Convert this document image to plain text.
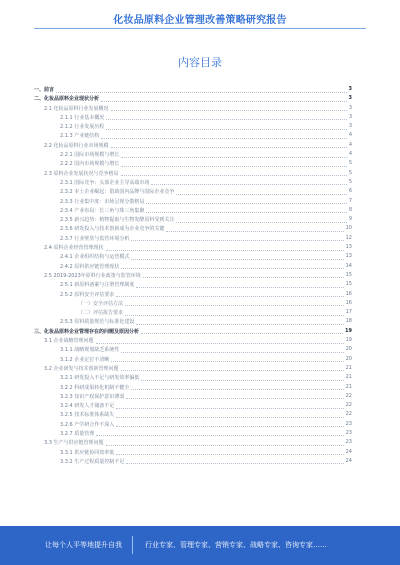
化妆品原料企业管理改善策略研究报告
内容目录
一、前言	3
二、化妆品原料企业现状分析	3
2.1 化妆品原料行业发展概况	3
2.1.1 行业基本概况	3
2.1.2 行业发展历程	3
2.1.3 产业链结构	4
2.2 化妆品原料行业市场规模	4
2.2.1 国际市场规模与增长	4
2.2.2 国内市场规模与增长	5
2.3 原料企业发展状况与竞争格局	5
2.3.1 国际竞争：头部企业主导高端市场	5
2.3.2 本土企业崛起：借助国内品牌与国际企业竞争	6
2.3.3 行业集中度：市场呈现分散格局	7
2.3.4 产业布局：长三角与珠三角集聚	8
2.3.5 新兴趋势：植物提取与生物发酵原料受到关注	9
2.3.6 研发投入与技术创新成为企业竞争的关键	10
2.3.7 行业壁垒与监管环境分析	12
2.4 原料企业经营管理现状	13
2.4.1 企业组织结构与运营模式	13
2.4.2 原料供应链管理现状	14
2.5 2019-2023年原料行业政策与监管环境	15
2.5.1 新原料备案与注册管理制度	15
2.5.2 原料安全评估要求	16
（一）安全评估方法	16
（二）评估报告要求	17
2.5.3 原料质量规范与标准化建设	18
三、化妆品原料企业管理存在的问题及原因分析	19
3.1 企业战略管理问题	19
3.1.1 战略规划缺乏系统性	20
3.1.2 企业定位不清晰	20
3.2 企业研发与技术创新管理问题	21
3.2.1 研发投入不足与研发效率偏低	21
3.2.2 科研成果转化机制不健全	21
3.2.3 知识产权保护意识薄弱	22
3.2.4 研发人才储备不足	22
3.2.5 技术标准体系缺失	22
3.2.6 产学研合作不深入	23
3.2.7 质量管理	23
3.3 生产与供应链管理问题	23
3.3.1 供应链协同效率低	24
3.3.2 生产过程质量控制不足	24
让每个人平等地提升自我	行业专家、管理专家、营销专家、战略专家、咨询专家……
